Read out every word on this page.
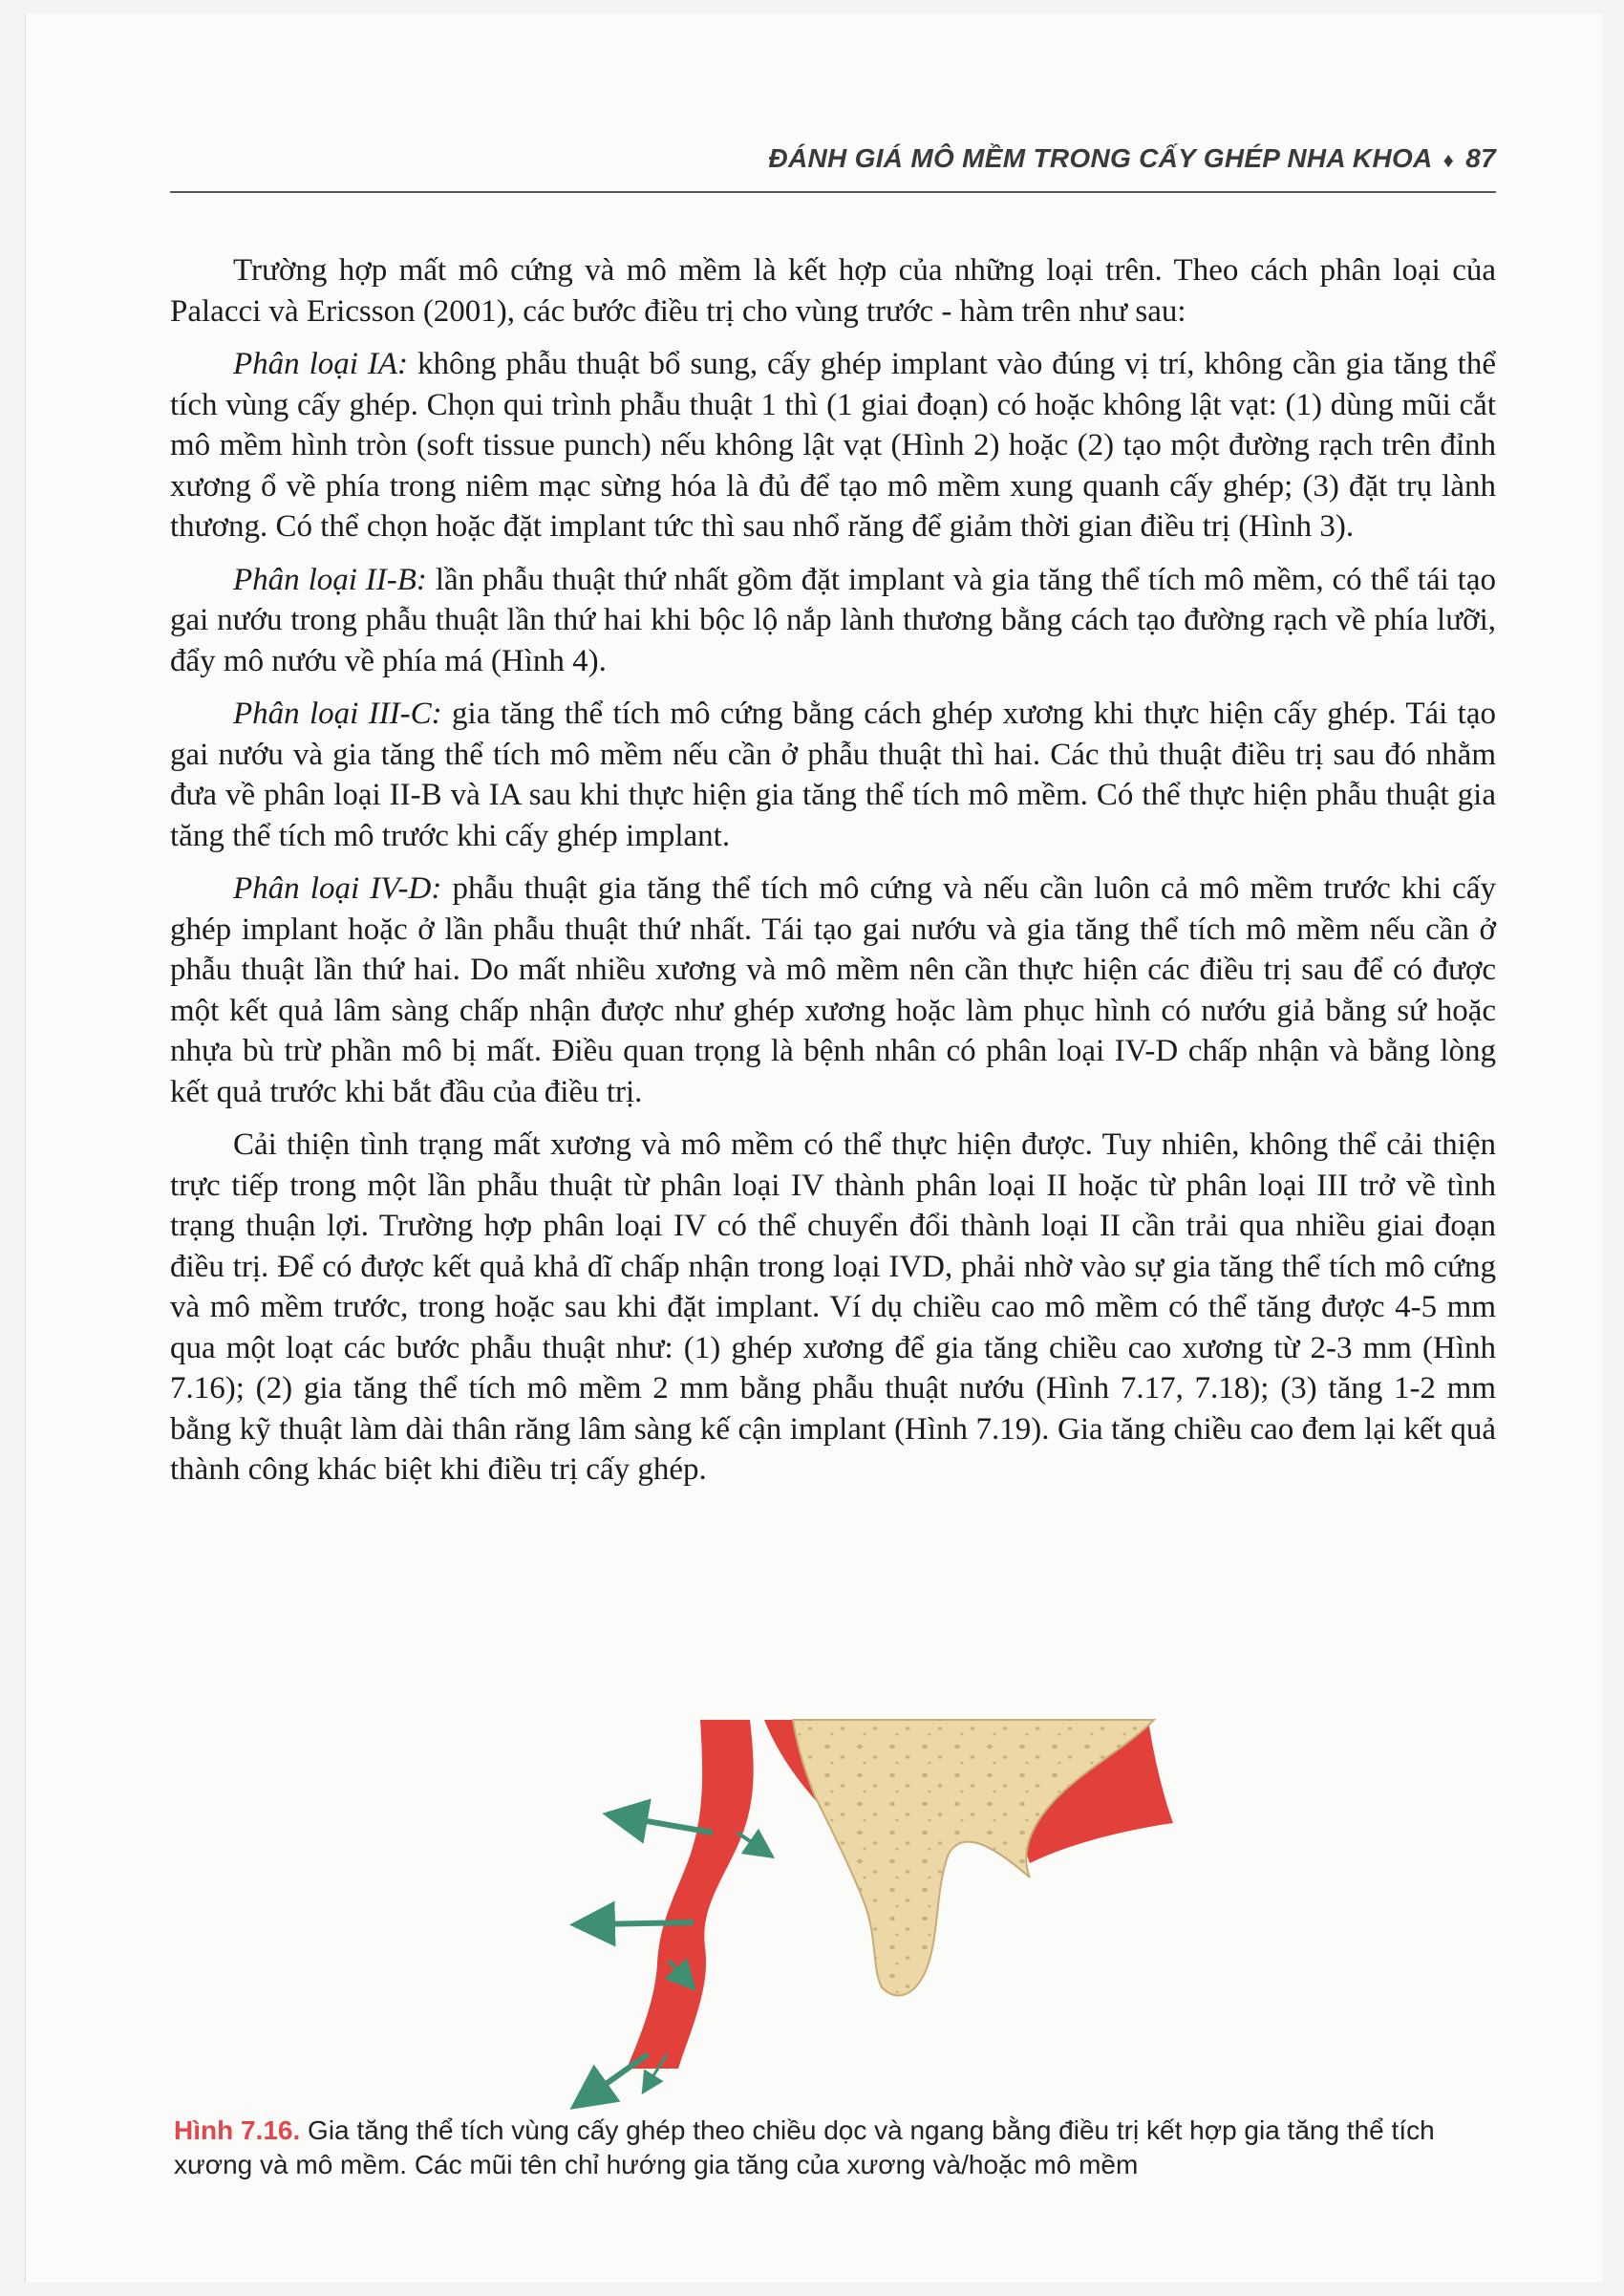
ĐÁNH GIÁ MÔ MỀM TRONG CẤY GHÉP NHA KHOA ♦ 87

Trường hợp mất mô cứng và mô mềm là kết hợp của những loại trên. Theo cách phân loại của Palacci và Ericsson (2001), các bước điều trị cho vùng trước - hàm trên như sau:

Phân loại IA: không phẫu thuật bổ sung, cấy ghép implant vào đúng vị trí, không cần gia tăng thể tích vùng cấy ghép. Chọn qui trình phẫu thuật 1 thì (1 giai đoạn) có hoặc không lật vạt: (1) dùng mũi cắt mô mềm hình tròn (soft tissue punch) nếu không lật vạt (Hình 2) hoặc (2) tạo một đường rạch trên đỉnh xương ổ về phía trong niêm mạc sừng hóa là đủ để tạo mô mềm xung quanh cấy ghép; (3) đặt trụ lành thương. Có thể chọn hoặc đặt implant tức thì sau nhổ răng để giảm thời gian điều trị (Hình 3).

Phân loại II-B: lần phẫu thuật thứ nhất gồm đặt implant và gia tăng thể tích mô mềm, có thể tái tạo gai nướu trong phẫu thuật lần thứ hai khi bộc lộ nắp lành thương bằng cách tạo đường rạch về phía lưỡi, đẩy mô nướu về phía má (Hình 4).

Phân loại III-C: gia tăng thể tích mô cứng bằng cách ghép xương khi thực hiện cấy ghép. Tái tạo gai nướu và gia tăng thể tích mô mềm nếu cần ở phẫu thuật thì hai. Các thủ thuật điều trị sau đó nhằm đưa về phân loại II-B và IA sau khi thực hiện gia tăng thể tích mô mềm. Có thể thực hiện phẫu thuật gia tăng thể tích mô trước khi cấy ghép implant.

Phân loại IV-D: phẫu thuật gia tăng thể tích mô cứng và nếu cần luôn cả mô mềm trước khi cấy ghép implant hoặc ở lần phẫu thuật thứ nhất. Tái tạo gai nướu và gia tăng thể tích mô mềm nếu cần ở phẫu thuật lần thứ hai. Do mất nhiều xương và mô mềm nên cần thực hiện các điều trị sau để có được một kết quả lâm sàng chấp nhận được như ghép xương hoặc làm phục hình có nướu giả bằng sứ hoặc nhựa bù trừ phần mô bị mất. Điều quan trọng là bệnh nhân có phân loại IV-D chấp nhận và bằng lòng kết quả trước khi bắt đầu của điều trị.

Cải thiện tình trạng mất xương và mô mềm có thể thực hiện được. Tuy nhiên, không thể cải thiện trực tiếp trong một lần phẫu thuật từ phân loại IV thành phân loại II hoặc từ phân loại III trở về tình trạng thuận lợi. Trường hợp phân loại IV có thể chuyển đổi thành loại II cần trải qua nhiều giai đoạn điều trị. Để có được kết quả khả dĩ chấp nhận trong loại IVD, phải nhờ vào sự gia tăng thể tích mô cứng và mô mềm trước, trong hoặc sau khi đặt implant. Ví dụ chiều cao mô mềm có thể tăng được 4-5 mm qua một loạt các bước phẫu thuật như: (1) ghép xương để gia tăng chiều cao xương từ 2-3 mm (Hình 7.16); (2) gia tăng thể tích mô mềm 2 mm bằng phẫu thuật nướu (Hình 7.17, 7.18); (3) tăng 1-2 mm bằng kỹ thuật làm dài thân răng lâm sàng kế cận implant (Hình 7.19). Gia tăng chiều cao đem lại kết quả thành công khác biệt khi điều trị cấy ghép.

Hình 7.16. Gia tăng thể tích vùng cấy ghép theo chiều dọc và ngang bằng điều trị kết hợp gia tăng thể tích xương và mô mềm. Các mũi tên chỉ hướng gia tăng của xương và/hoặc mô mềm
